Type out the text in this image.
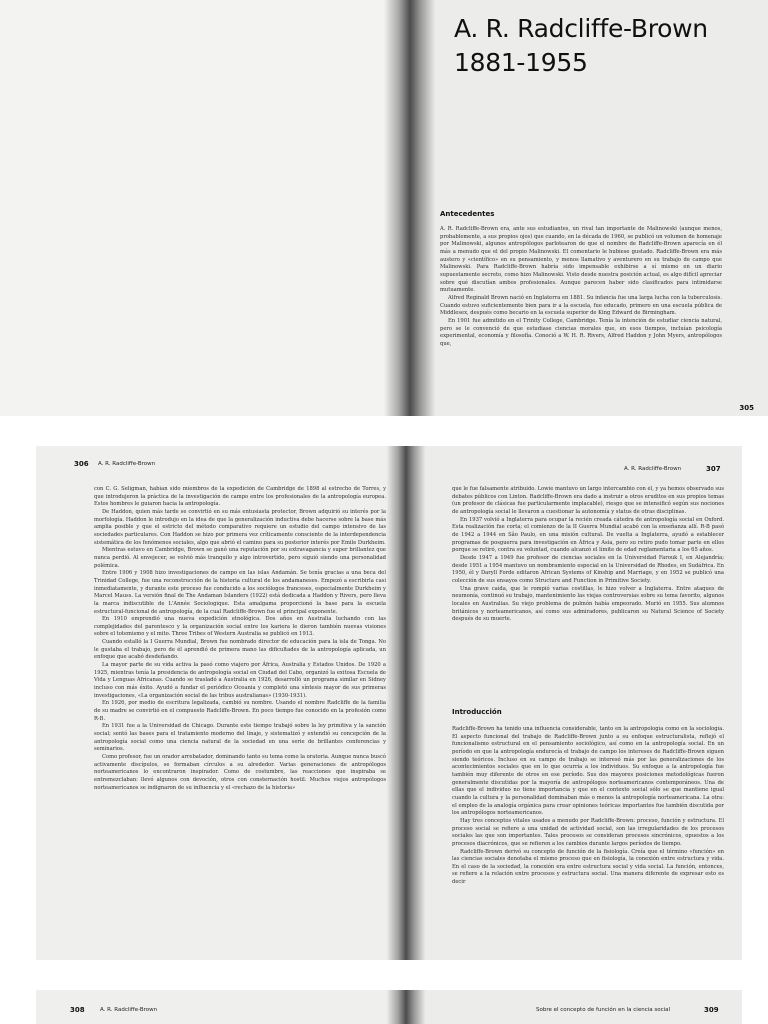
A. R. Radcliffe-Brown
1881-1955
Antecedentes

A. R. Radcliffe-Brown era, ante sus estudiantes, un rival tan importante de Malinowski (aunque menos, probablemente, a sus propios ojos) que cuando, en la década de 1960, se publicó un volumen de homenaje por Malinowski, algunos antropólogos parlotearon de que el nombre de Radcliffe-Brown aparecía en él más a menudo que el del propio Malinowski. El comentario le hubiese gustado. Radcliffe-Brown era más austero y «científico» en su pensamiento, y menos llamativo y aventurero en su trabajo de campo que Malinowski. Para Radcliffe-Brown habría sido impensable exhibirse a sí mismo en un diario supuestamente secreto, como hizo Malinowski. Visto desde nuestra posición actual, es algo difícil apreciar sobre qué discutían ambos profesionales. Aunque parecen haber sido clasificados para intimidarse mutuamente.

Alfred Reginald Brown nació en Inglaterra en 1881. Su infancia fue una larga lucha con la tuberculosis. Cuando estuvo suficientemente bien para ir a la escuela, fue educado, primero en una escuela pública de Middlesex, después como becario en la escuela superior de King Edward de Birmingham.

En 1901 fue admitido en el Trinity College, Cambridge. Tenía la intención de estudiar ciencia natural, pero se le convenció de que estudiase ciencias morales que, en esos tiempos, incluían psicología experimental, economía y filosofía. Conoció a W. H. R. Rivers, Alfred Haddon y John Myers, antropólogos que,

305
306 A. R. Radcliffe-Brown

con C. G. Seligman, habían sido miembros de la expedición de Cambridge de 1898 al estrecho de Torres, y que introdujeron la práctica de la investigación de campo entre los profesionales de la antropología europea. Estos hombres le guiaron hacia la antropología.

De Haddon, quien más tarde se convirtió en su más entusiasta protector, Brown adquirió su interés por la morfología. Haddon le introdujo en la idea de que la generalización inductiva debe hacerse sobre la base más amplia posible y que el estricto del método comparativo requiere un estudio del campo intensivo de las sociedades particulares. Con Haddon se hizo por primera vez críticamente consciente de la interdependencia sistemática de los fenómenos sociales, algo que abrió el camino para su posterior interés por Emile Durkheim.

Mientras estuvo en Cambridge, Brown se ganó una reputación por su extravagancia y super brillantez que nunca perdió. Al envejecer, se volvió más tranquilo y algo introvertido, pero siguió siendo una personalidad polémica.

Entre 1906 y 1908 hizo investigaciones de campo en las islas Andamán. Se tenía gracias a una beca del Trinidad College, fue una reconstrucción de la historia cultural de los andamaneses. Empezó a escribirla casi inmediatamente, y durante este proceso fue conducido a los sociólogos franceses, especialmente Durkheim y Marcel Mauss. La versión final de The Andaman Islanders (1922) está dedicada a Haddon y Rivers, pero lleva la marca indiscutible de L'Année Sociologique. Esta amalgama proporcionó la base para la escuela estructural-funcional de antropología, de la cual Radcliffe-Brown fue el principal exponente.

En 1910 emprendió una nueva expedición etnológica. Dos años en Australia luchando con las complejidades del parentesco y la organización social entre los kariera le dieron también nuevas visiones sobre el totemismo y el mito. Three Tribes of Western Australia se publicó en 1913.

Cuando estalló la I Guerra Mundial, Brown fue nombrado director de educación para la isla de Tonga. No le gustaba el trabajo, pero de él aprendió de primera mano las dificultades de la antropología aplicada, un enfoque que acabó desdeñando.

La mayor parte de su vida activa la pasó como viajero por África, Australia y Estados Unidos. De 1920 a 1925, mientras tenía la presidencia de antropología social en Ciudad del Cabo, organizó la exitosa Escuela de Vida y Lenguas Africanas. Cuando se trasladó a Australia en 1926, desarrolló un programa similar en Sidney incluso con más éxito. Ayudó a fundar el periódico Oceania y completó una síntesis mayor de sus primeras investigaciones, «La organización social de las tribus australianas» (1930-1931).

En 1926, por medio de escritura legalizada, cambió su nombre. Usando el nombre Radcliffe de la familia de su madre se convirtió en el compuesto Radcliffe-Brown. En poco tiempo fue conocido en la profesión como R-B.

En 1931 fue a la Universidad de Chicago. Durante este tiempo trabajó sobre la ley primitiva y la sanción social; sentó las bases para el tratamiento moderno del linaje, y sistematizó y extendió su concepción de la antropología social como una ciencia natural de la sociedad en una serie de brillantes conferencias y seminarios.

Como profesor, fue un orador arrebatador, dominando tanto su tema como la oratoria. Aunque nunca buscó activamente discípulos, se formaban círculos a su alrededor. Varias generaciones de antropólogos norteamericanos lo encontraron inspirador. Como de costumbre, las reacciones que inspiraba se entremezclaban: llevó algunos con devoción, otros con consternación hostil. Muchos viejos antropólogos norteamericanos se indignaron de su influencia y el «rechazo de la historia»

A. R. Radcliffe-Brown	307

que le fue falsamente atribuido. Lowie mantuvo un largo intercambio con él, y ya hemos observado sus debates públicos con Linton. Radcliffe-Brown era dado a instruir a otros eruditos en sus propios temas (un profesor de clásicas fue particularmente implacable), riesgo que se intensificó según sus nociones de antropología social le llevaron a cuestionar la autonomía y status de otras disciplinas.

En 1937 volvió a Inglaterra para ocupar la recién creada cátedra de antropología social en Oxford. Esta realización fue corta; el comienzo de la II Guerra Mundial acabó con la enseñanza allí. R-B pasó de 1942 a 1944 en São Paulo, en una misión cultural. De vuelta a Inglaterra, ayudó a establecer programas de posguerra para investigación en África y Asia, pero su retiro pudo tomar parte en ellos porque se retiró, contra su voluntad, cuando alcanzó el límite de edad reglamentaria a los 65 años.

Desde 1947 a 1949 fue profesor de ciencias sociales en la Universidad Farouk I, en Alejandría; desde 1951 a 1954 mantuvo un nombramiento especial en la Universidad de Rhodes, en Sudáfrica. En 1950, él y Daryll Forde editaron African Systems of Kinship and Marriage, y en 1952 se publicó una colección de sus ensayos como Structure and Function in Primitive Society.

Una grave caída, que le rompió varias costillas, le hizo volver a Inglaterra. Entre ataques de neumonía, continuó su trabajo, mantenimiento las viejas controversias sobre su tema favorito, algunos locales en Australias. Su viejo problema de pulmón había empeorado. Murió en 1955. Sus alumnos británicos y norteamericanos, así como sus admiradores, publicaron su Natural Science of Society después de su muerte.

Introducción

Radcliffe-Brown ha tenido una influencia considerable, tanto en la antropología como en la sociología. El aspecto funcional del trabajo de Radcliffe-Brown junto a su enfoque estructuralista, reflejó el funcionalismo estructural en el pensamiento sociológico, así como en la antropología social. En un período en que la antropología endurecía el trabajo de campo los intereses de Radcliffe-Brown siguen siendo teóricos. Incluso en su campo de trabajo se interesó más por las generalizaciones de los acontecimientos sociales que en lo que ocurría a los individuos. Su enfoque a la antropología fue también muy diferente de otros en ese período. Sus dos mayores posiciones metodológicas fueron generalmente discutidas por la mayoría de antropólogos norteamericanos contemporáneos. Una de ellas que el individuo no tiene importancia y que en el contexto social sólo se que mantiene igual cuando la cultura y la personalidad dominaban más o menos la antropología norteamericana. La otra: el empleo de la analogía orgánica para crear opiniones teóricas importantes fue también discutida por los antropólogos norteamericanos.

Hay tres conceptos vitales usados a menudo por Radcliffe-Brown: proceso, función y estructura. El proceso social se refiere a una unidad de actividad social, son las irregularidades de los procesos sociales las que son importantes. Tales procesos se consideran procesos sincrónicos, opuestos a los procesos diacrónicos, que se refieren a los cambios durante largos períodos de tiempo.

Radcliffe-Brown derivó su concepto de función de la fisiología. Creía que el término «función» en las ciencias sociales denotaba el mismo proceso que en fisiología, la conexión entre estructura y vida. En el caso de la sociedad, la conexión era entre estructura social y vida social. La función, entonces, se refiere a la relación entre procesos y estructura social. Una manera diferente de expresar esto es decir

308	A. R. Radcliffe-Brown	Sobre el concepto de función en la ciencia social	309
